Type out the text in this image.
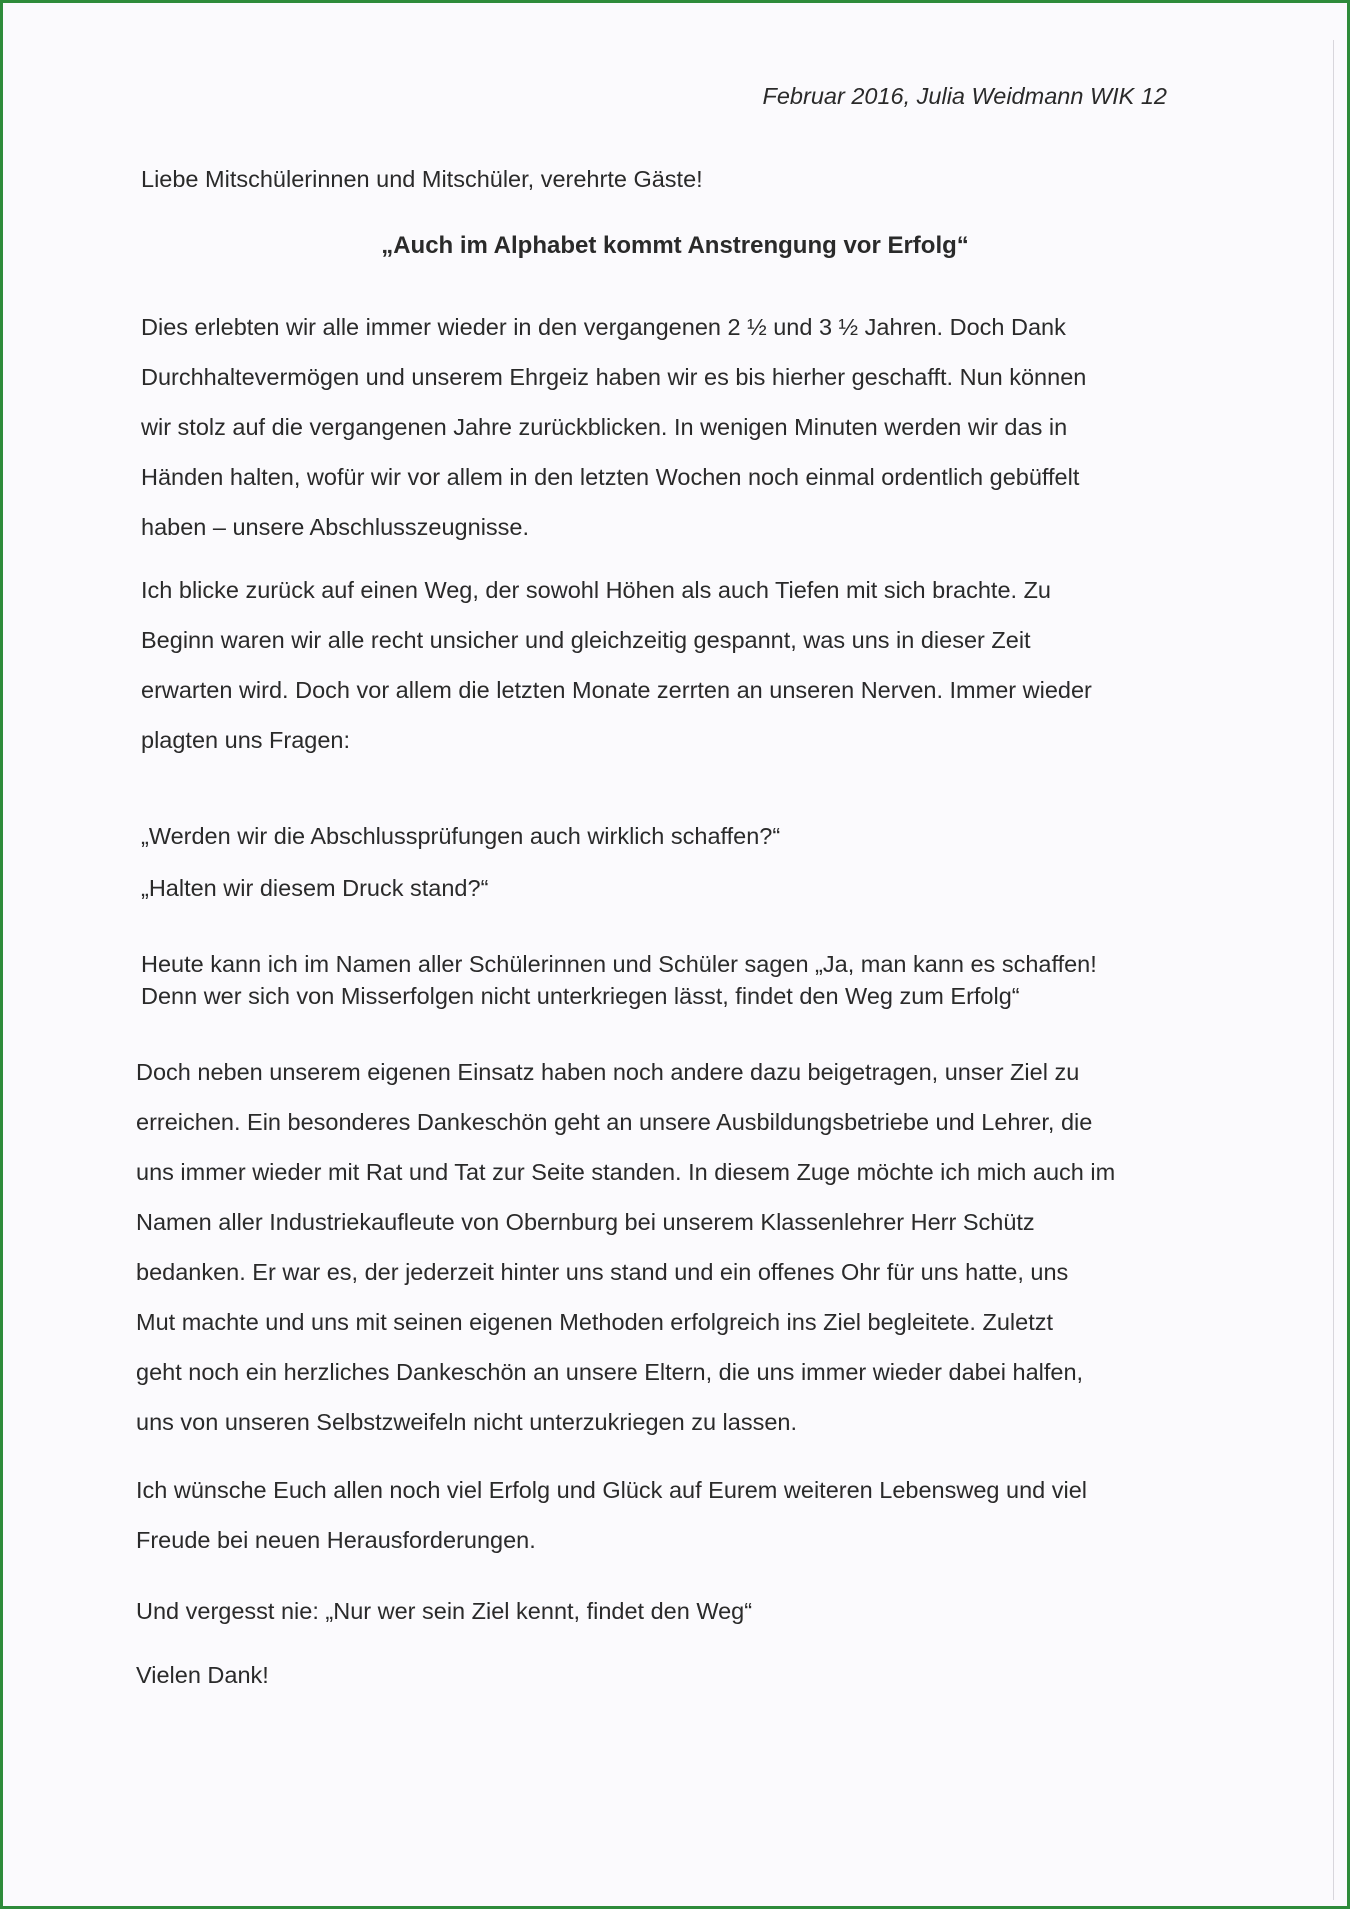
Februar 2016, Julia Weidmann WIK 12
Liebe Mitschülerinnen und Mitschüler, verehrte Gäste!
„Auch im Alphabet kommt Anstrengung vor Erfolg“
Dies erlebten wir alle immer wieder in den vergangenen 2 ½ und 3 ½ Jahren. Doch Dank
Durchhaltevermögen und unserem Ehrgeiz haben wir es bis hierher geschafft. Nun können
wir stolz auf die vergangenen Jahre zurückblicken. In wenigen Minuten werden wir das in
Händen halten, wofür wir vor allem in den letzten Wochen noch einmal ordentlich gebüffelt
haben – unsere Abschlusszeugnisse.
Ich blicke zurück auf einen Weg, der sowohl Höhen als auch Tiefen mit sich brachte. Zu
Beginn waren wir alle recht unsicher und gleichzeitig gespannt, was uns in dieser Zeit
erwarten wird. Doch vor allem die letzten Monate zerrten an unseren Nerven. Immer wieder
plagten uns Fragen:
„Werden wir die Abschlussprüfungen auch wirklich schaffen?“
„Halten wir diesem Druck stand?“
Heute kann ich im Namen aller Schülerinnen und Schüler sagen „Ja, man kann es schaffen!
Denn wer sich von Misserfolgen nicht unterkriegen lässt, findet den Weg zum Erfolg“
Doch neben unserem eigenen Einsatz haben noch andere dazu beigetragen, unser Ziel zu
erreichen. Ein besonderes Dankeschön geht an unsere Ausbildungsbetriebe und Lehrer, die
uns immer wieder mit Rat und Tat zur Seite standen. In diesem Zuge möchte ich mich auch im
Namen aller Industriekaufleute von Obernburg bei unserem Klassenlehrer Herr Schütz
bedanken. Er war es, der jederzeit hinter uns stand und ein offenes Ohr für uns hatte, uns
Mut machte und uns mit seinen eigenen Methoden erfolgreich ins Ziel begleitete. Zuletzt
geht noch ein herzliches Dankeschön an unsere Eltern, die uns immer wieder dabei halfen,
uns von unseren Selbstzweifeln nicht unterzukriegen zu lassen.
Ich wünsche Euch allen noch viel Erfolg und Glück auf Eurem weiteren Lebensweg und viel
Freude bei neuen Herausforderungen.
Und vergesst nie: „Nur wer sein Ziel kennt, findet den Weg“
Vielen Dank!
